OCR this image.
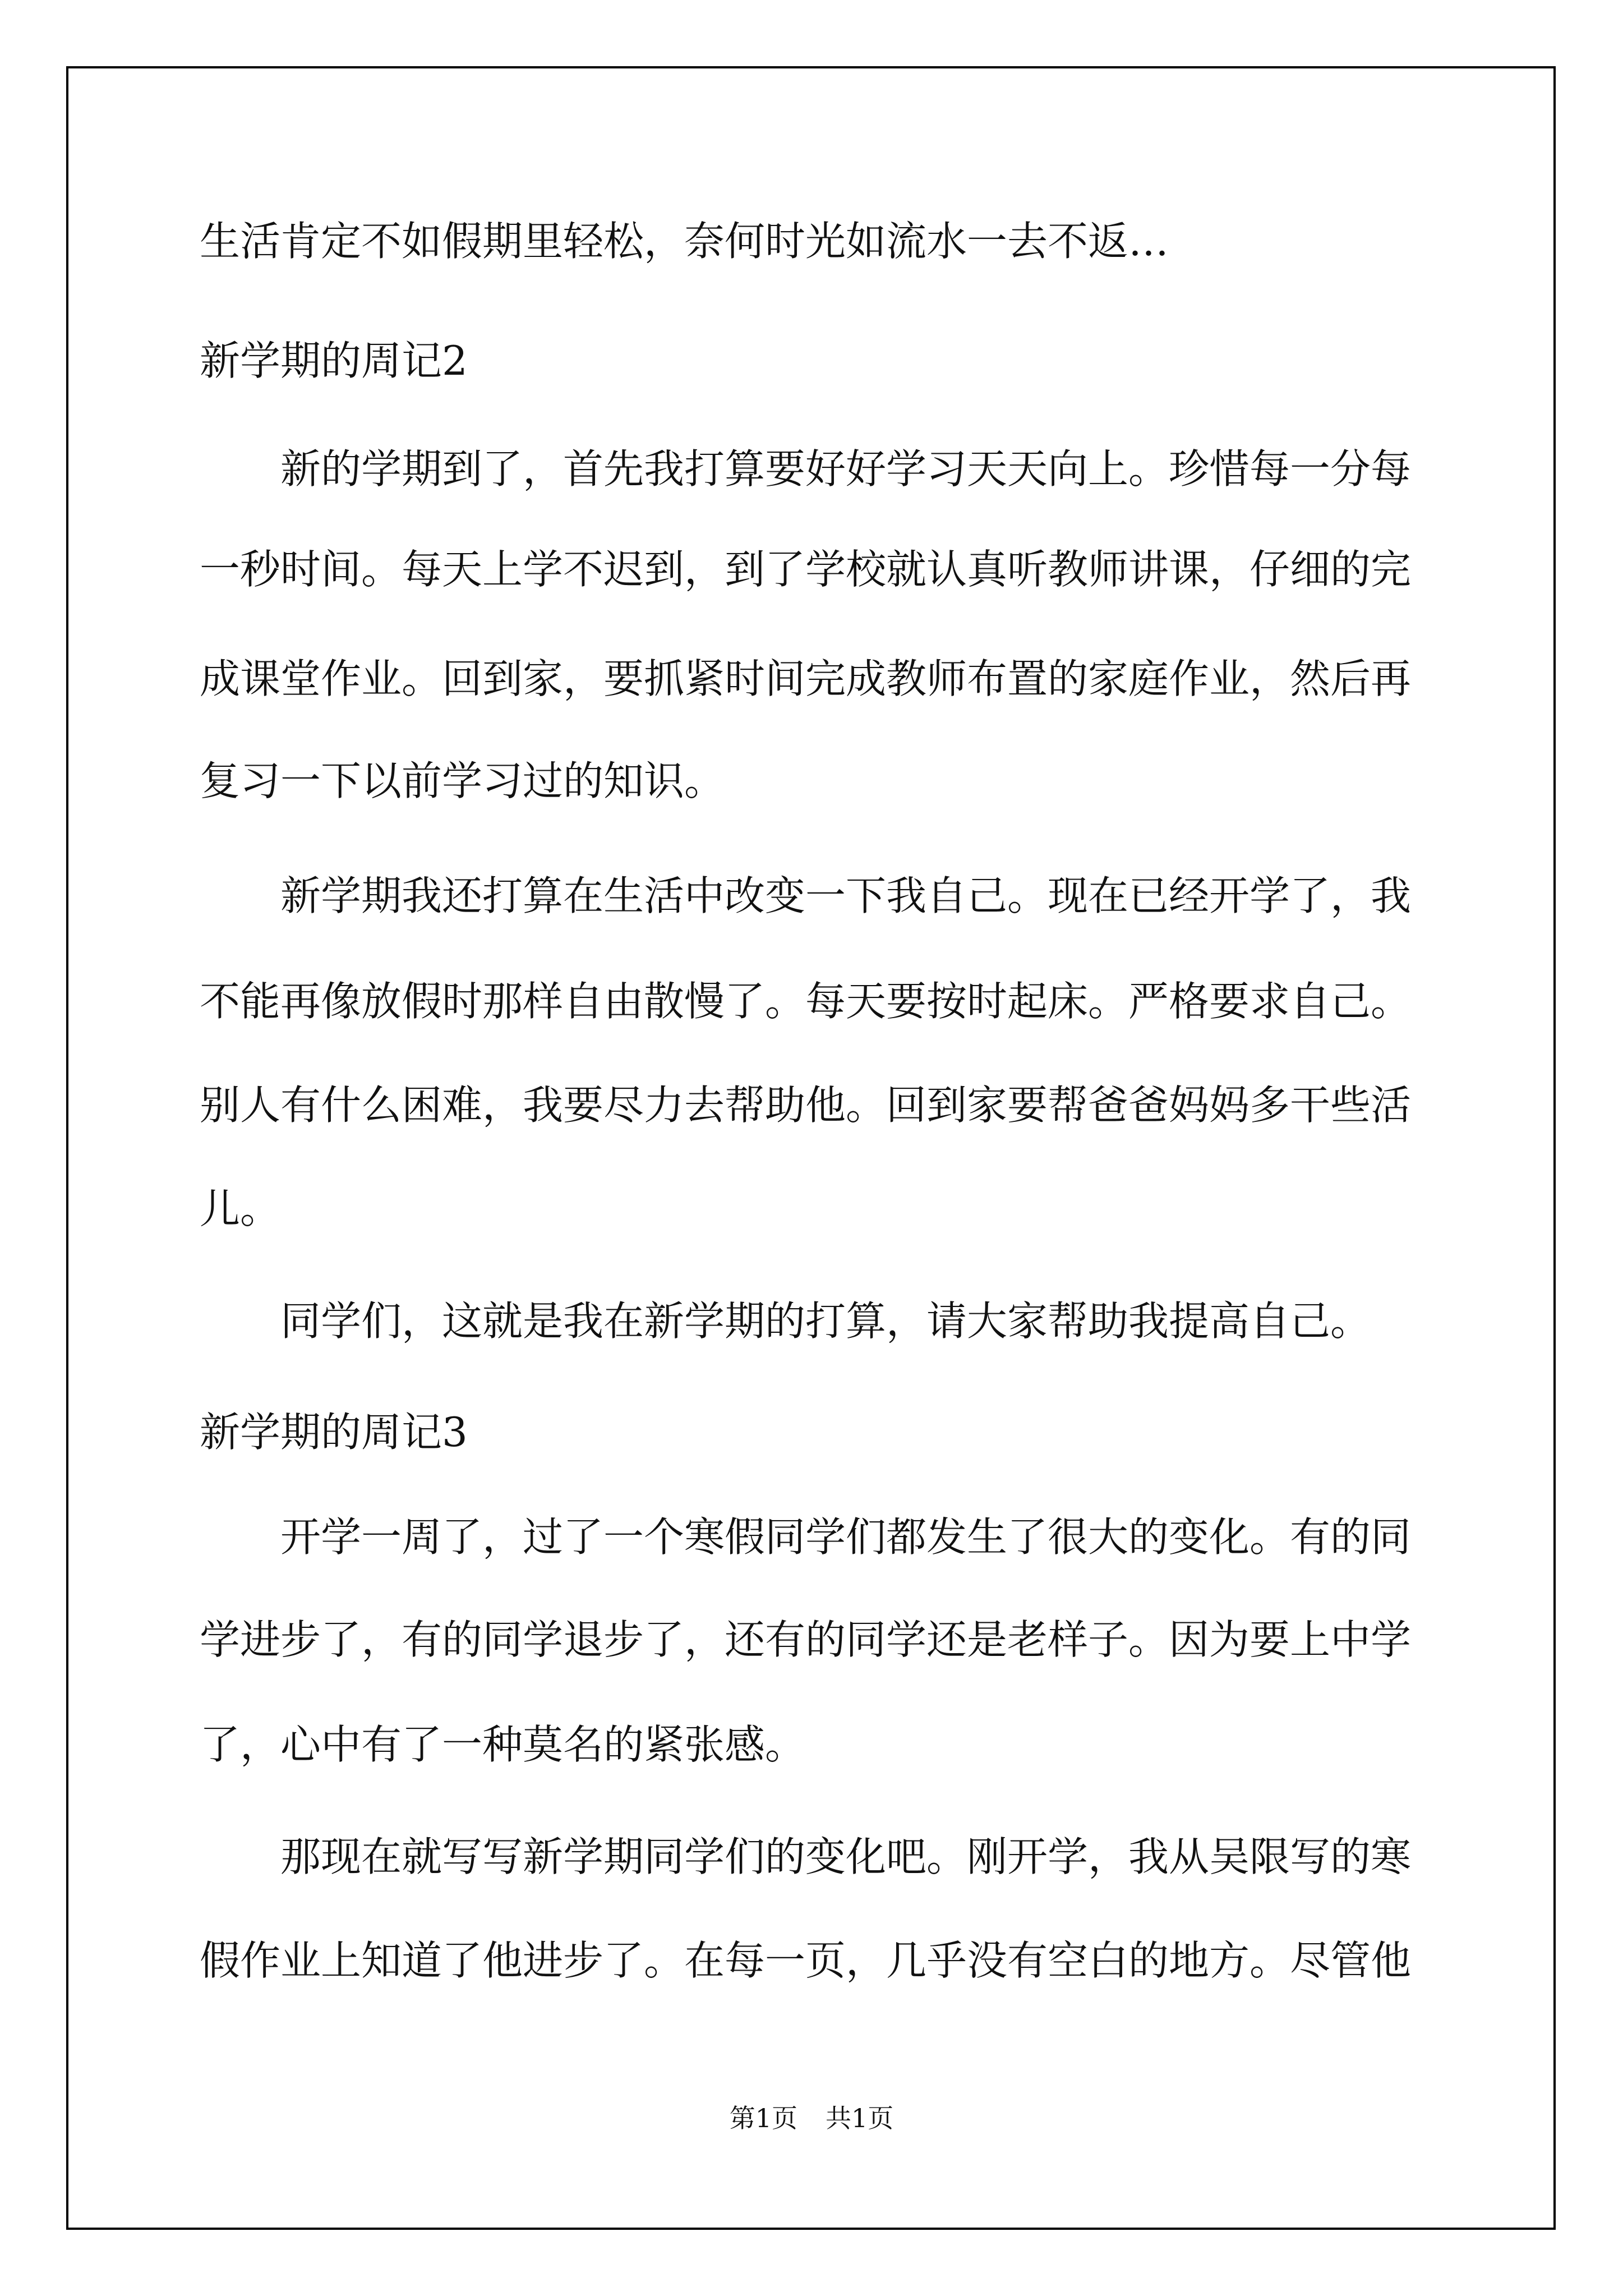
生活肯定不如假期里轻松，奈何时光如流水一去不返…
新学期的周记2
新的学期到了，首先我打算要好好学习天天向上。珍惜每一分每
一秒时间。每天上学不迟到，到了学校就认真听教师讲课，仔细的完
成课堂作业。回到家，要抓紧时间完成教师布置的家庭作业，然后再
复习一下以前学习过的知识。
新学期我还打算在生活中改变一下我自己。现在已经开学了，我
不能再像放假时那样自由散慢了。每天要按时起床。严格要求自己。
别人有什么困难，我要尽力去帮助他。回到家要帮爸爸妈妈多干些活
儿。
同学们，这就是我在新学期的打算，请大家帮助我提高自己。
新学期的周记3
开学一周了，过了一个寒假同学们都发生了很大的变化。有的同
学进步了，有的同学退步了，还有的同学还是老样子。因为要上中学
了，心中有了一种莫名的紧张感。
那现在就写写新学期同学们的变化吧。刚开学，我从吴限写的寒
假作业上知道了他进步了。在每一页，几乎没有空白的地方。尽管他
第1页 共1页
